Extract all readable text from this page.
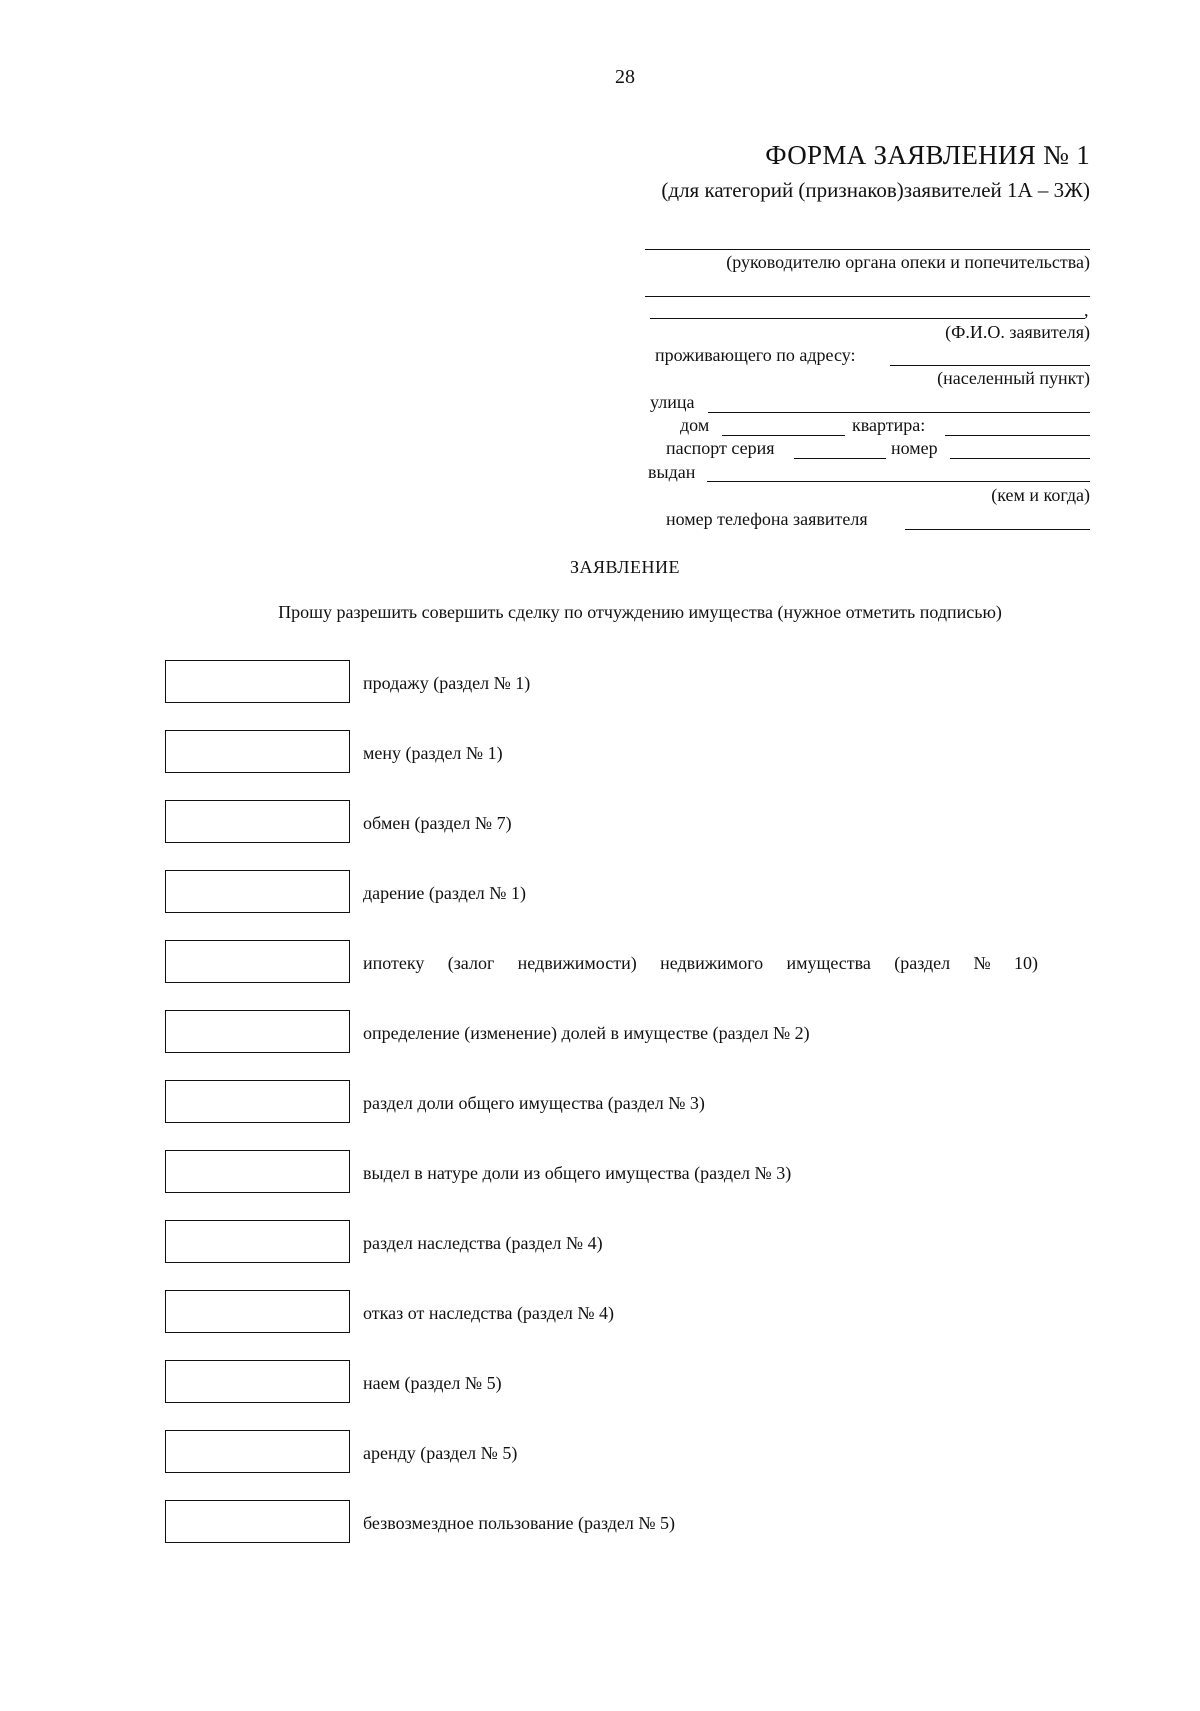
28
ФОРМА ЗАЯВЛЕНИЯ № 1
(для категорий (признаков)заявителей 1А – 3Ж)
(руководителю органа опеки и попечительства)
,
(Ф.И.О. заявителя)
проживающего по адресу:
(населенный пункт)
улица
дом	квартира:
паспорт серия	номер
выдан
(кем и когда)
номер телефона заявителя
ЗАЯВЛЕНИЕ
Прошу разрешить совершить сделку по отчуждению имущества (нужное отметить подписью)
продажу (раздел № 1)
мену (раздел № 1)
обмен (раздел № 7)
дарение (раздел № 1)
ипотеку (залог недвижимости) недвижимого имущества (раздел № 10)
определение (изменение) долей в имуществе (раздел № 2)
раздел доли общего имущества (раздел № 3)
выдел в натуре доли из общего имущества (раздел № 3)
раздел наследства (раздел № 4)
отказ от наследства (раздел № 4)
наем (раздел № 5)
аренду (раздел № 5)
безвозмездное пользование (раздел № 5)
